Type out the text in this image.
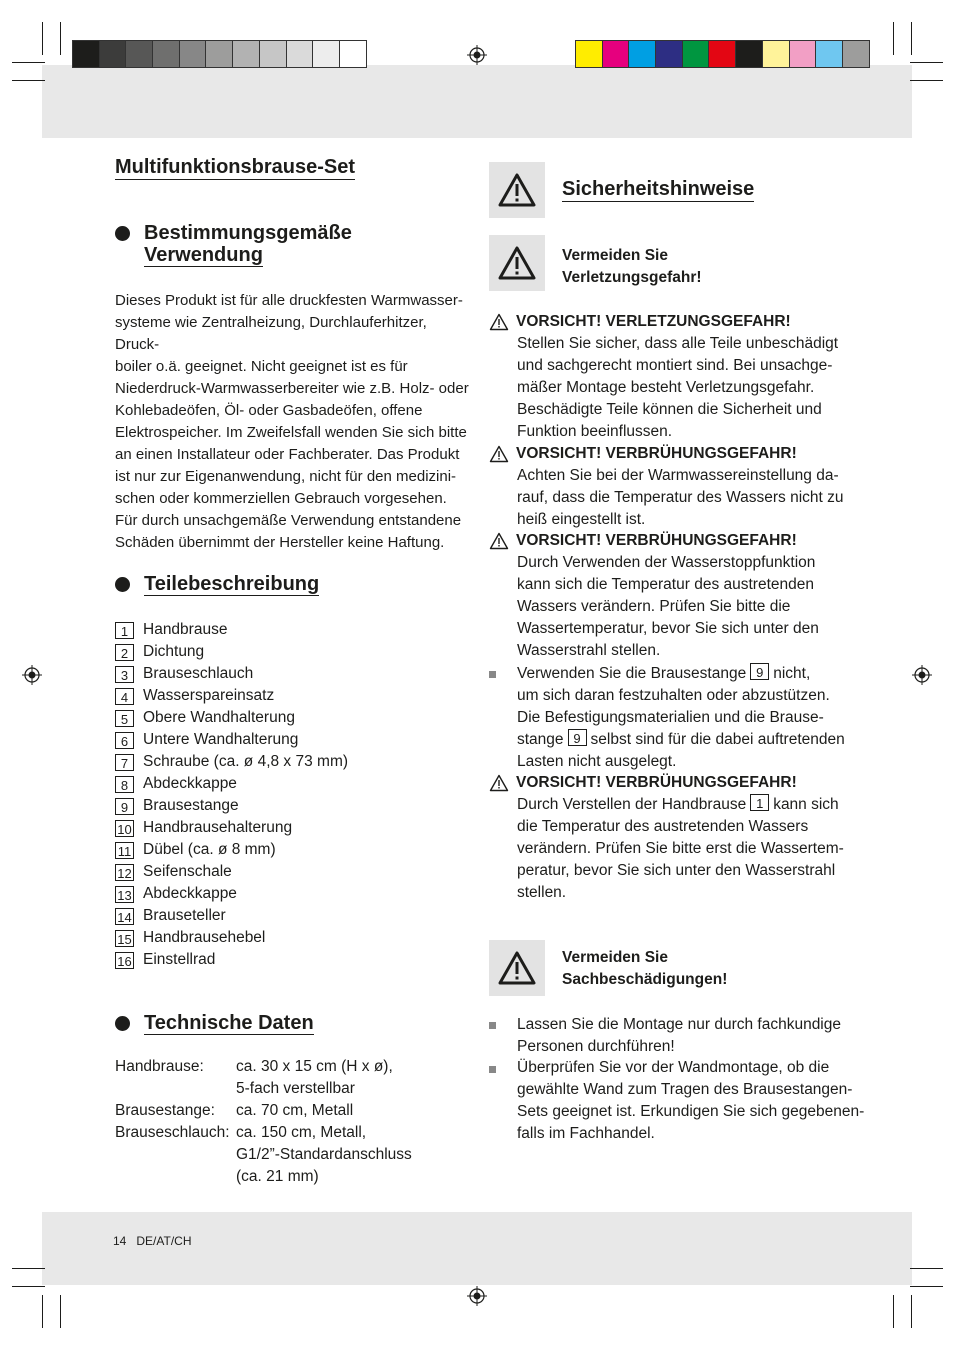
Multifunktionsbrause-Set
Bestimmungsgemäße
Verwendung
Dieses Produkt ist für alle druckfesten Warmwasser-
systeme wie Zentralheizung, Durchlauferhitzer, Druck-
boiler o.ä. geeignet. Nicht geeignet ist es für
Niederdruck-Warmwasserbereiter wie z.B. Holz- oder
Kohlebadeöfen, Öl- oder Gasbadeöfen, offene
Elektrospeicher. Im Zweifelsfall wenden Sie sich bitte
an einen Installateur oder Fachberater. Das Produkt
ist nur zur Eigenanwendung, nicht für den medizini-
schen oder kommerziellen Gebrauch vorgesehen.
Für durch unsachgemäße Verwendung entstandene
Schäden übernimmt der Hersteller keine Haftung.
Teilebeschreibung
1 Handbrause
2 Dichtung
3 Brauseschlauch
4 Wasserspareinsatz
5 Obere Wandhalterung
6 Untere Wandhalterung
7 Schraube (ca. ø 4,8 x 73 mm)
8 Abdeckkappe
9 Brausestange
10 Handbrausehalterung
11 Dübel (ca. ø 8 mm)
12 Seifenschale
13 Abdeckkappe
14 Brauseteller
15 Handbrausehebel
16 Einstellrad
Technische Daten
Handbrause:	ca. 30 x 15 cm (H x ø),
5-fach verstellbar
Brausestange:	ca. 70 cm, Metall
Brauseschlauch: ca. 150 cm, Metall,
G1/2”-Standardanschluss
(ca. 21 mm)
Sicherheitshinweise
Vermeiden Sie
Verletzungsgefahr!
VORSICHT! VERLETZUNGSGEFAHR!
Stellen Sie sicher, dass alle Teile unbeschädigt
und sachgerecht montiert sind. Bei unsachge-
mäßer Montage besteht Verletzungsgefahr.
Beschädigte Teile können die Sicherheit und
Funktion beeinflussen.
VORSICHT! VERBRÜHUNGSGEFAHR!
Achten Sie bei der Warmwassereinstellung da-
rauf, dass die Temperatur des Wassers nicht zu
heiß eingestellt ist.
VORSICHT! VERBRÜHUNGSGEFAHR!
Durch Verwenden der Wasserstoppfunktion
kann sich die Temperatur des austretenden
Wassers verändern. Prüfen Sie bitte die
Wassertemperatur, bevor Sie sich unter den
Wasserstrahl stellen.
Verwenden Sie die Brausestange 9 nicht,
um sich daran festzuhalten oder abzustützen.
Die Befestigungsmaterialien und die Brause-
stange 9 selbst sind für die dabei auftretenden
Lasten nicht ausgelegt.
VORSICHT! VERBRÜHUNGSGEFAHR!
Durch Verstellen der Handbrause 1 kann sich
die Temperatur des austretenden Wassers
verändern. Prüfen Sie bitte erst die Wassertem-
peratur, bevor Sie sich unter den Wasserstrahl
stellen.
Vermeiden Sie
Sachbeschädigungen!
Lassen Sie die Montage nur durch fachkundige
Personen durchführen!
Überprüfen Sie vor der Wandmontage, ob die
gewählte Wand zum Tragen des Brausestangen-
Sets geeignet ist. Erkundigen Sie sich gegebenen-
falls im Fachhandel.
14 DE/AT/CH
